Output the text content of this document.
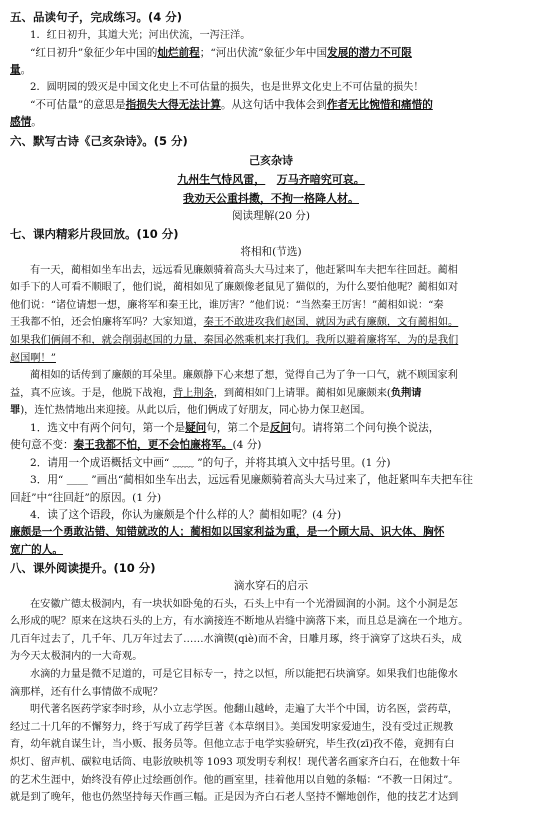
五、品读句子，完成练习。(4 分)
1．红日初升，其道大光；河出伏流，一泻汪洋。
“红日初升”象征少年中国的灿烂前程；“河出伏流”象征少年中国发展的潜力不可限
量。
2．圆明园的毁灭是中国文化史上不可估量的损失，也是世界文化史上不可估量的损失！
“不可估量”的意思是指损失大得无法计算。从这句话中我体会到作者无比惋惜和痛惜的
感情。
六、默写古诗《己亥杂诗》。(5 分)
己亥杂诗
九州生气恃风雷， 万马齐喑究可哀。
我劝天公重抖擞，不拘一格降人材。
阅读理解(20 分)
七、课内精彩片段回放。(10 分)
将相和(节选)
有一天，蔺相如坐车出去，远远看见廉颇骑着高头大马过来了，他赶紧叫车夫把车往回赶。蔺相
如手下的人可看不顺眼了，他们说，蔺相如见了廉颇像老鼠见了猫似的，为什么要怕他呢？蔺相如对
他们说：“诸位请想一想，廉将军和秦王比，谁厉害？”他们说：“当然秦王厉害！”蔺相如说：“秦
王我都不怕，还会怕廉将军吗？大家知道，秦王不敢进攻我们赵国，就因为武有廉颇，文有蔺相如。
如果我们俩闹不和，就会削弱赵国的力量，秦国必然乘机来打我们。我所以避着廉将军，为的是我们
赵国啊！”
蔺相如的话传到了廉颇的耳朵里。廉颇静下心来想了想，觉得自己为了争一口气，就不顾国家利
益，真不应该。于是，他脱下战袍，背上荆条，到蔺相如门上请罪。蔺相如见廉颇来(负荆请
罪)，连忙热情地出来迎接。从此以后，他们俩成了好朋友，同心协力保卫赵国。
1．选文中有两个问句，第一个是疑问句，第二个是反问句。请将第二个问句换个说法，
使句意不变：秦王我都不怕，更不会怕廉将军。(4 分)
2．请用一个成语概括文中画“ ﹏﹏ ”的句子，并将其填入文中括号里。(1 分)
3．用“ ＿＿ ”画出“蔺相如坐车出去，远远看见廉颇骑着高头大马过来了，他赶紧叫车夫把车往
回赶”中“往回赶”的原因。(1 分)
4．读了这个语段，你认为廉颇是个什么样的人？蔺相如呢？(4 分)
廉颇是一个勇敢沾错、知错就改的人；蔺相如以国家利益为重，是一个顾大局、识大体、胸怀
宽广的人。
八、课外阅读提升。(10 分)
滴水穿石的启示
在安徽广德太极洞内，有一块状如卧兔的石头，石头上中有一个光滑圆润的小洞。这个小洞是怎
么形成的呢？原来在这块石头的上方，有水滴接连不断地从岩缝中滴落下来，而且总是滴在一个地方。
几百年过去了，几千年、几万年过去了……水滴锲(qiè)而不舍，日雕月琢，终于滴穿了这块石头，成
为今天太极洞内的一大奇观。
水滴的力量是微不足道的，可是它目标专一，持之以恒，所以能把石块滴穿。如果我们也能像水
滴那样，还有什么事情做不成呢？
明代著名医药学家李时珍，从小立志学医。他翻山越岭，走遍了大半个中国，访名医，尝药草，
经过二十几年的不懈努力，终于写成了药学巨著《本草纲目》。美国发明家爱迪生，没有受过正规教
育，幼年就自谋生计，当小贩、报务员等。但他立志于电学实验研究，毕生孜(zī)孜不倦，竟拥有白
炽灯、留声机、碳粒电话筒、电影放映机等 1093 项发明专利权！现代著名画家齐白石，在他数十年
的艺术生涯中，始终没有停止过绘画创作。他的画室里，挂着他用以自勉的条幅：“不教一日闲过”。
就是到了晚年，他也仍然坚持每天作画三幅。正是因为齐白石老人坚持不懈地创作，他的技艺才达到
